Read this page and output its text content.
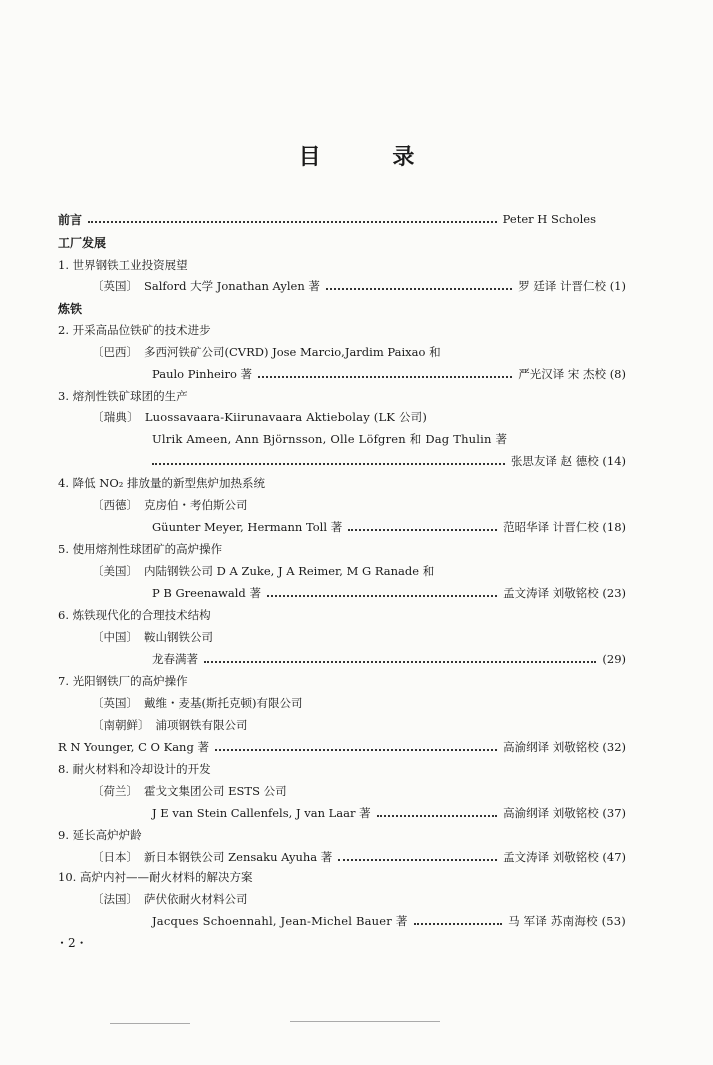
目 录
前言	Peter H Scholes
工厂发展
1. 世界钢铁工业投资展望
〔英国〕 Salford 大学 Jonathan Aylen 著	罗 廷译 计晋仁校 (1)
炼铁
2. 开采高品位铁矿的技术进步
〔巴西〕 多西河铁矿公司(CVRD) Jose Marcio,Jardim Paixao 和
Paulo Pinheiro 著	严光汉译 宋 杰校 (8)
3. 熔剂性铁矿球团的生产
〔瑞典〕 Luossavaara-Kiirunavaara Aktiebolay (LK 公司)
Ulrik Ameen, Ann Björnsson, Olle Löfgren 和 Dag Thulin 著
张思友译 赵 德校 (14)
4. 降低 NO₂ 排放量的新型焦炉加热系统
〔西德〕 克房伯・考伯斯公司
Güunter Meyer, Hermann Toll 著	范昭华译 计晋仁校 (18)
5. 使用熔剂性球团矿的高炉操作
〔美国〕 内陆钢铁公司 D A Zuke, J A Reimer, M G Ranade 和
P B Greenawald 著	孟文涛译 刘敬铭校 (23)
6. 炼铁现代化的合理技术结构
〔中国〕 鞍山钢铁公司
龙春满著	(29)
7. 光阳钢铁厂的高炉操作
〔英国〕 戴维・麦基(斯托克顿)有限公司
〔南朝鲜〕 浦项钢铁有限公司
R N Younger, C O Kang 著	高渝纲译 刘敬铭校 (32)
8. 耐火材料和冷却设计的开发
〔荷兰〕 霍戈文集团公司 ESTS 公司
J E van Stein Callenfels, J van Laar 著	高渝纲译 刘敬铭校 (37)
9. 延长高炉炉龄
〔日本〕 新日本钢铁公司 Zensaku Ayuha 著	孟文涛译 刘敬铭校 (47)
10. 高炉内衬——耐火材料的解决方案
〔法国〕 萨伏依耐火材料公司
Jacques Schoennahl, Jean-Michel Bauer 著	马 军译 苏南海校 (53)
・2・
